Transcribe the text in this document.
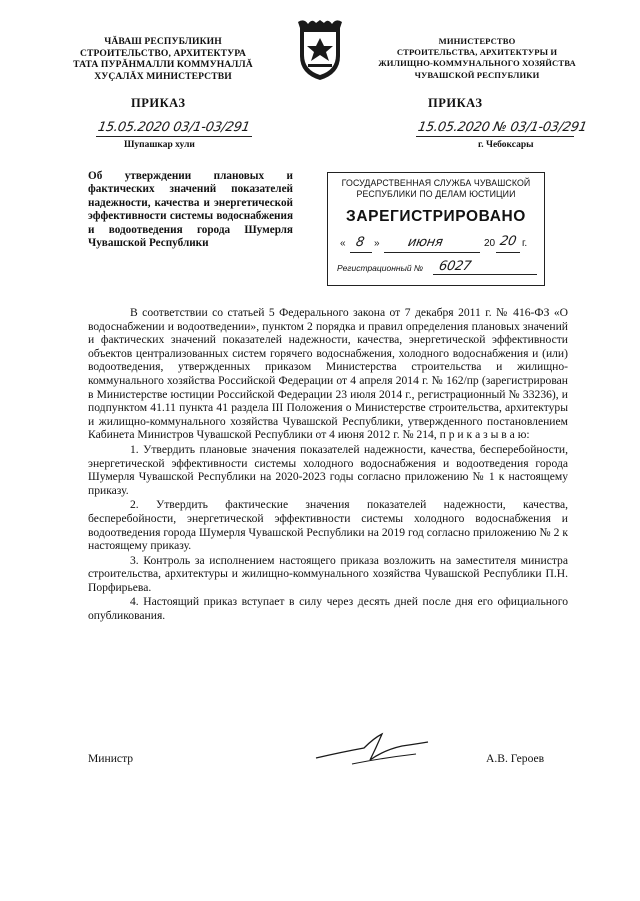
ЧĂВАШ РЕСПУБЛИКИН
СТРОИТЕЛЬСТВО, АРХИТЕКТУРА
ТАТА ПУРĂНМАЛЛИ КОММУНАЛЛĂ
ХУҪАЛĂХ МИНИСТЕРСТВИ
МИНИСТЕРСТВО
СТРОИТЕЛЬСТВА, АРХИТЕКТУРЫ И
ЖИЛИЩНО-КОММУНАЛЬНОГО ХОЗЯЙСТВА
ЧУВАШСКОЙ РЕСПУБЛИКИ
ПРИКАЗ	ПРИКАЗ
15.05.2020 03/1-03/291	15.05.2020 № 03/1-03/291
Шупашкар хули	г. Чебоксары
Об утверждении плановых и фактических значений показателей надежности, качества и энергетической эффективности системы водоснабжения и водоотведения города Шумерля Чувашской Республики
ГОСУДАРСТВЕННАЯ СЛУЖБА ЧУВАШСКОЙ
РЕСПУБЛИКИ ПО ДЕЛАМ ЮСТИЦИИ
ЗАРЕГИСТРИРОВАНО
« 8 » июня	20 20 г.
Регистрационный № 6027

В соответствии со статьей 5 Федерального закона от 7 декабря 2011 г. № 416-ФЗ «О водоснабжении и водоотведении», пунктом 2 порядка и правил определения плановых значений и фактических значений показателей надежности, качества, энергетической эффективности объектов централизованных систем горячего водоснабжения, холодного водоснабжения и (или) водоотведения, утвержденных приказом Министерства строительства и жилищно-коммунального хозяйства Российской Федерации от 4 апреля 2014 г. № 162/пр (зарегистрирован в Министерстве юстиции Российской Федерации 23 июля 2014 г., регистрационный № 33236), и подпунктом 41.11 пункта 41 раздела III Положения о Министерстве строительства, архитектуры и жилищно-коммунального хозяйства Чувашской Республики, утвержденного постановлением Кабинета Министров Чувашской Республики от 4 июня 2012 г. № 214, п р и к а з ы в а ю:

1. Утвердить плановые значения показателей надежности, качества, бесперебойности, энергетической эффективности системы холодного водоснабжения и водоотведения города Шумерля Чувашской Республики на 2020-2023 годы согласно приложению № 1 к настоящему приказу.

2. Утвердить фактические значения показателей надежности, качества, бесперебойности, энергетической эффективности системы холодного водоснабжения и водоотведения города Шумерля Чувашской Республики на 2019 год согласно приложению № 2 к настоящему приказу.

3. Контроль за исполнением настоящего приказа возложить на заместителя министра строительства, архитектуры и жилищно-коммунального хозяйства Чувашской Республики П.Н. Порфирьева.

4. Настоящий приказ вступает в силу через десять дней после дня его официального опубликования.

Министр	А.В. Героев
